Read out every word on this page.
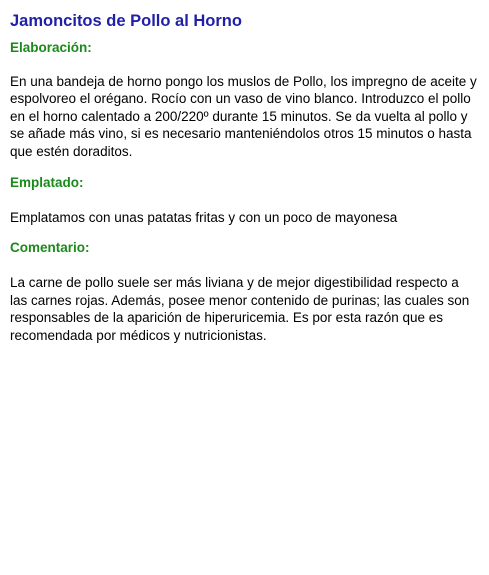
Jamoncitos de Pollo al Horno
Elaboración:

En una bandeja de horno pongo los muslos de Pollo, los impregno de aceite y espolvoreo el orégano. Rocío con un vaso de vino blanco. Introduzco el pollo en el horno calentado a 200/220º durante 15 minutos. Se da vuelta al pollo y se añade más vino, si es necesario manteniéndolos otros 15 minutos o hasta que estén doraditos.

Emplatado:

Emplatamos con unas patatas fritas y con un poco de mayonesa

Comentario:

La carne de pollo suele ser más liviana y de mejor digestibilidad respecto a las carnes rojas. Además, posee menor contenido de purinas; las cuales son responsables de la aparición de hiperuricemia. Es por esta razón que es recomendada por médicos y nutricionistas.
